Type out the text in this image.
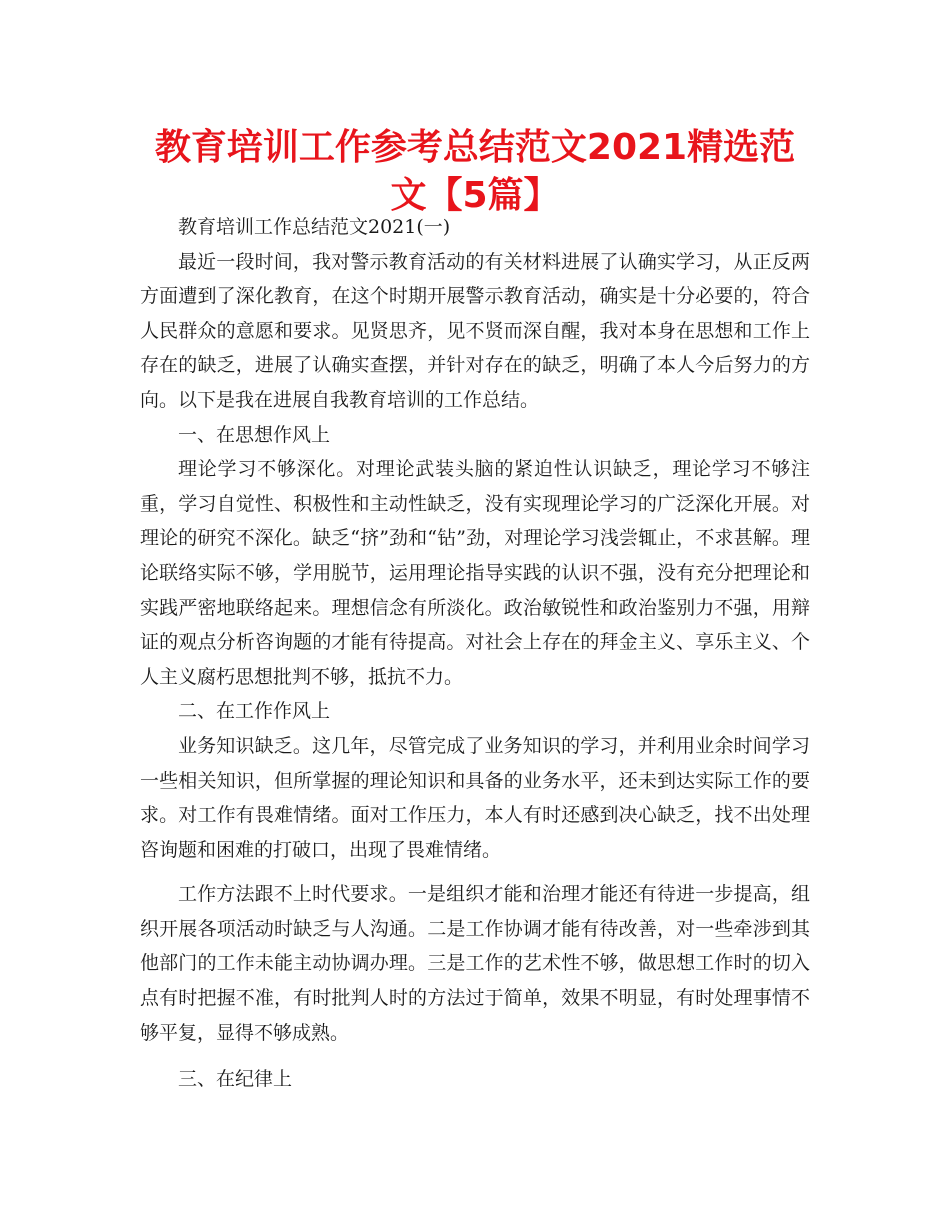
教育培训工作参考总结范文2021精选范文【5篇】

教育培训工作总结范文2021(一)

最近一段时间，我对警示教育活动的有关材料进展了认确实学习，从正反两方面遭到了深化教育，在这个时期开展警示教育活动，确实是十分必要的，符合人民群众的意愿和要求。见贤思齐，见不贤而深自醒，我对本身在思想和工作上存在的缺乏，进展了认确实查摆，并针对存在的缺乏，明确了本人今后努力的方向。以下是我在进展自我教育培训的工作总结。

一、在思想作风上

理论学习不够深化。对理论武装头脑的紧迫性认识缺乏，理论学习不够注重，学习自觉性、积极性和主动性缺乏，没有实现理论学习的广泛深化开展。对理论的研究不深化。缺乏“挤”劲和“钻”劲，对理论学习浅尝辄止，不求甚解。理论联络实际不够，学用脱节，运用理论指导实践的认识不强，没有充分把理论和实践严密地联络起来。理想信念有所淡化。政治敏锐性和政治鉴别力不强，用辩证的观点分析咨询题的才能有待提高。对社会上存在的拜金主义、享乐主义、个人主义腐朽思想批判不够，抵抗不力。

二、在工作作风上

业务知识缺乏。这几年，尽管完成了业务知识的学习，并利用业余时间学习一些相关知识，但所掌握的理论知识和具备的业务水平，还未到达实际工作的要求。对工作有畏难情绪。面对工作压力，本人有时还感到决心缺乏，找不出处理咨询题和困难的打破口，出现了畏难情绪。

工作方法跟不上时代要求。一是组织才能和治理才能还有待进一步提高，组织开展各项活动时缺乏与人沟通。二是工作协调才能有待改善，对一些牵涉到其他部门的工作未能主动协调办理。三是工作的艺术性不够，做思想工作时的切入点有时把握不准，有时批判人时的方法过于简单，效果不明显，有时处理事情不够平复，显得不够成熟。

三、在纪律上
